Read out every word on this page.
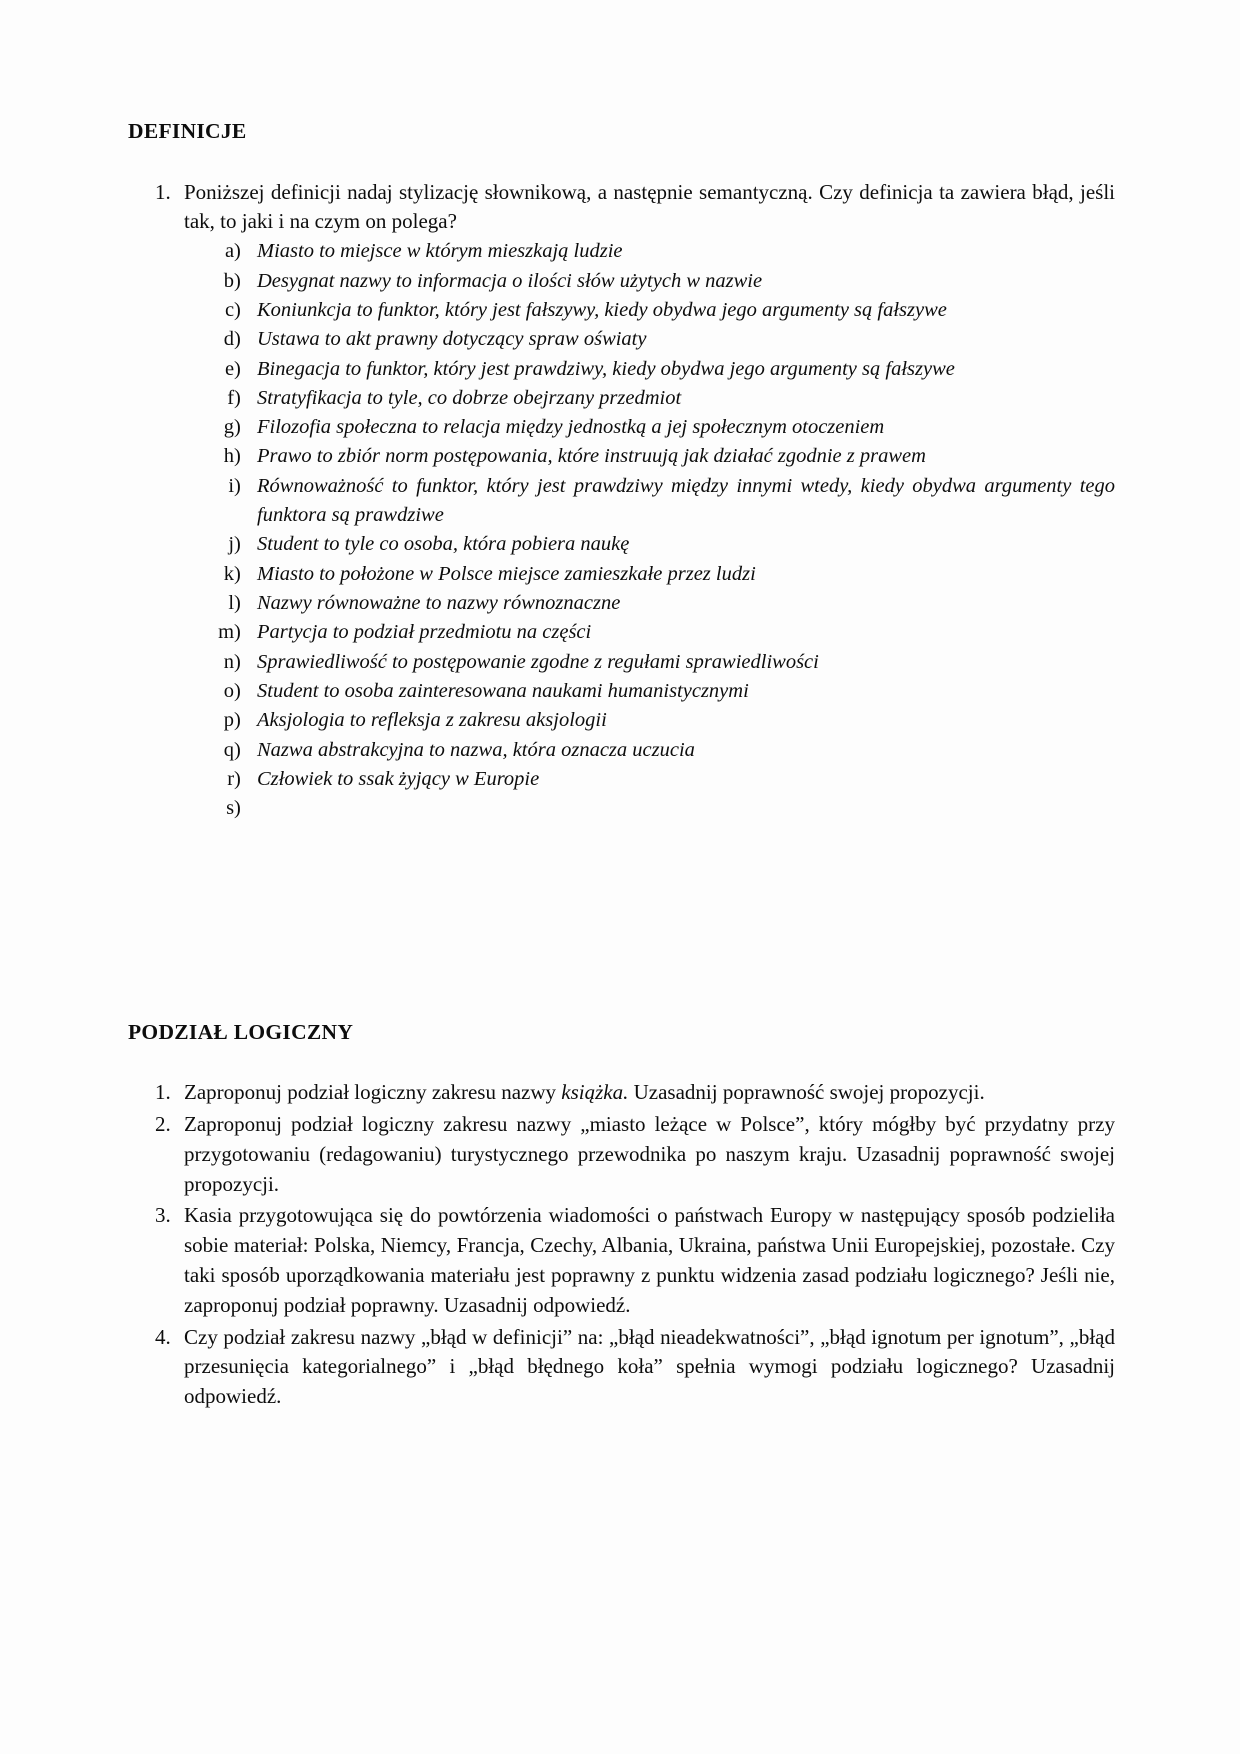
DEFINICJE
1. Poniższej definicji nadaj stylizację słownikową, a następnie semantyczną. Czy definicja ta zawiera błąd, jeśli tak, to jaki i na czym on polega?
a. Miasto to miejsce w którym mieszkają ludzie
b. Desygnat nazwy to informacja o ilości słów użytych w nazwie
c. Koniunkcja to funktor, który jest fałszywy, kiedy obydwa jego argumenty są fałszywe
d. Ustawa to akt prawny dotyczący spraw oświaty
e. Binegacja to funktor, który jest prawdziwy, kiedy obydwa jego argumenty są fałszywe
f. Stratyfikacja to tyle, co dobrze obejrzany przedmiot
g. Filozofia społeczna to relacja między jednostką a jej społecznym otoczeniem
h. Prawo to zbiór norm postępowania, które instruują jak działać zgodnie z prawem
i. Równoważność to funktor, który jest prawdziwy między innymi wtedy, kiedy obydwa argumenty tego funktora są prawdziwe
j. Student to tyle co osoba, która pobiera naukę
k. Miasto to położone w Polsce miejsce zamieszkałe przez ludzi
l. Nazwy równoważne to nazwy równoznaczne
m. Partycja to podział przedmiotu na części
n. Sprawiedliwość to postępowanie zgodne z regułami sprawiedliwości
o. Student to osoba zainteresowana naukami humanistycznymi
p. Aksjologia to refleksja z zakresu aksjologii
q. Nazwa abstrakcyjna to nazwa, która oznacza uczucia
r. Człowiek to ssak żyjący w Europie
s.
PODZIAŁ LOGICZNY
1. Zaproponuj podział logiczny zakresu nazwy książka. Uzasadnij poprawność swojej propozycji.
2. Zaproponuj podział logiczny zakresu nazwy „miasto leżące w Polsce”, który mógłby być przydatny przy przygotowaniu (redagowaniu) turystycznego przewodnika po naszym kraju. Uzasadnij poprawność swojej propozycji.
3. Kasia przygotowująca się do powtórzenia wiadomości o państwach Europy w następujący sposób podzieliła sobie materiał: Polska, Niemcy, Francja, Czechy, Albania, Ukraina, państwa Unii Europejskiej, pozostałe. Czy taki sposób uporządkowania materiału jest poprawny z punktu widzenia zasad podziału logicznego? Jeśli nie, zaproponuj podział poprawny. Uzasadnij odpowiedź.
4. Czy podział zakresu nazwy „błąd w definicji” na: „błąd nieadekwatności”, „błąd ignotum per ignotum”, „błąd przesunięcia kategorialnego” i „błąd błędnego koła” spełnia wymogi podziału logicznego? Uzasadnij odpowiedź.
